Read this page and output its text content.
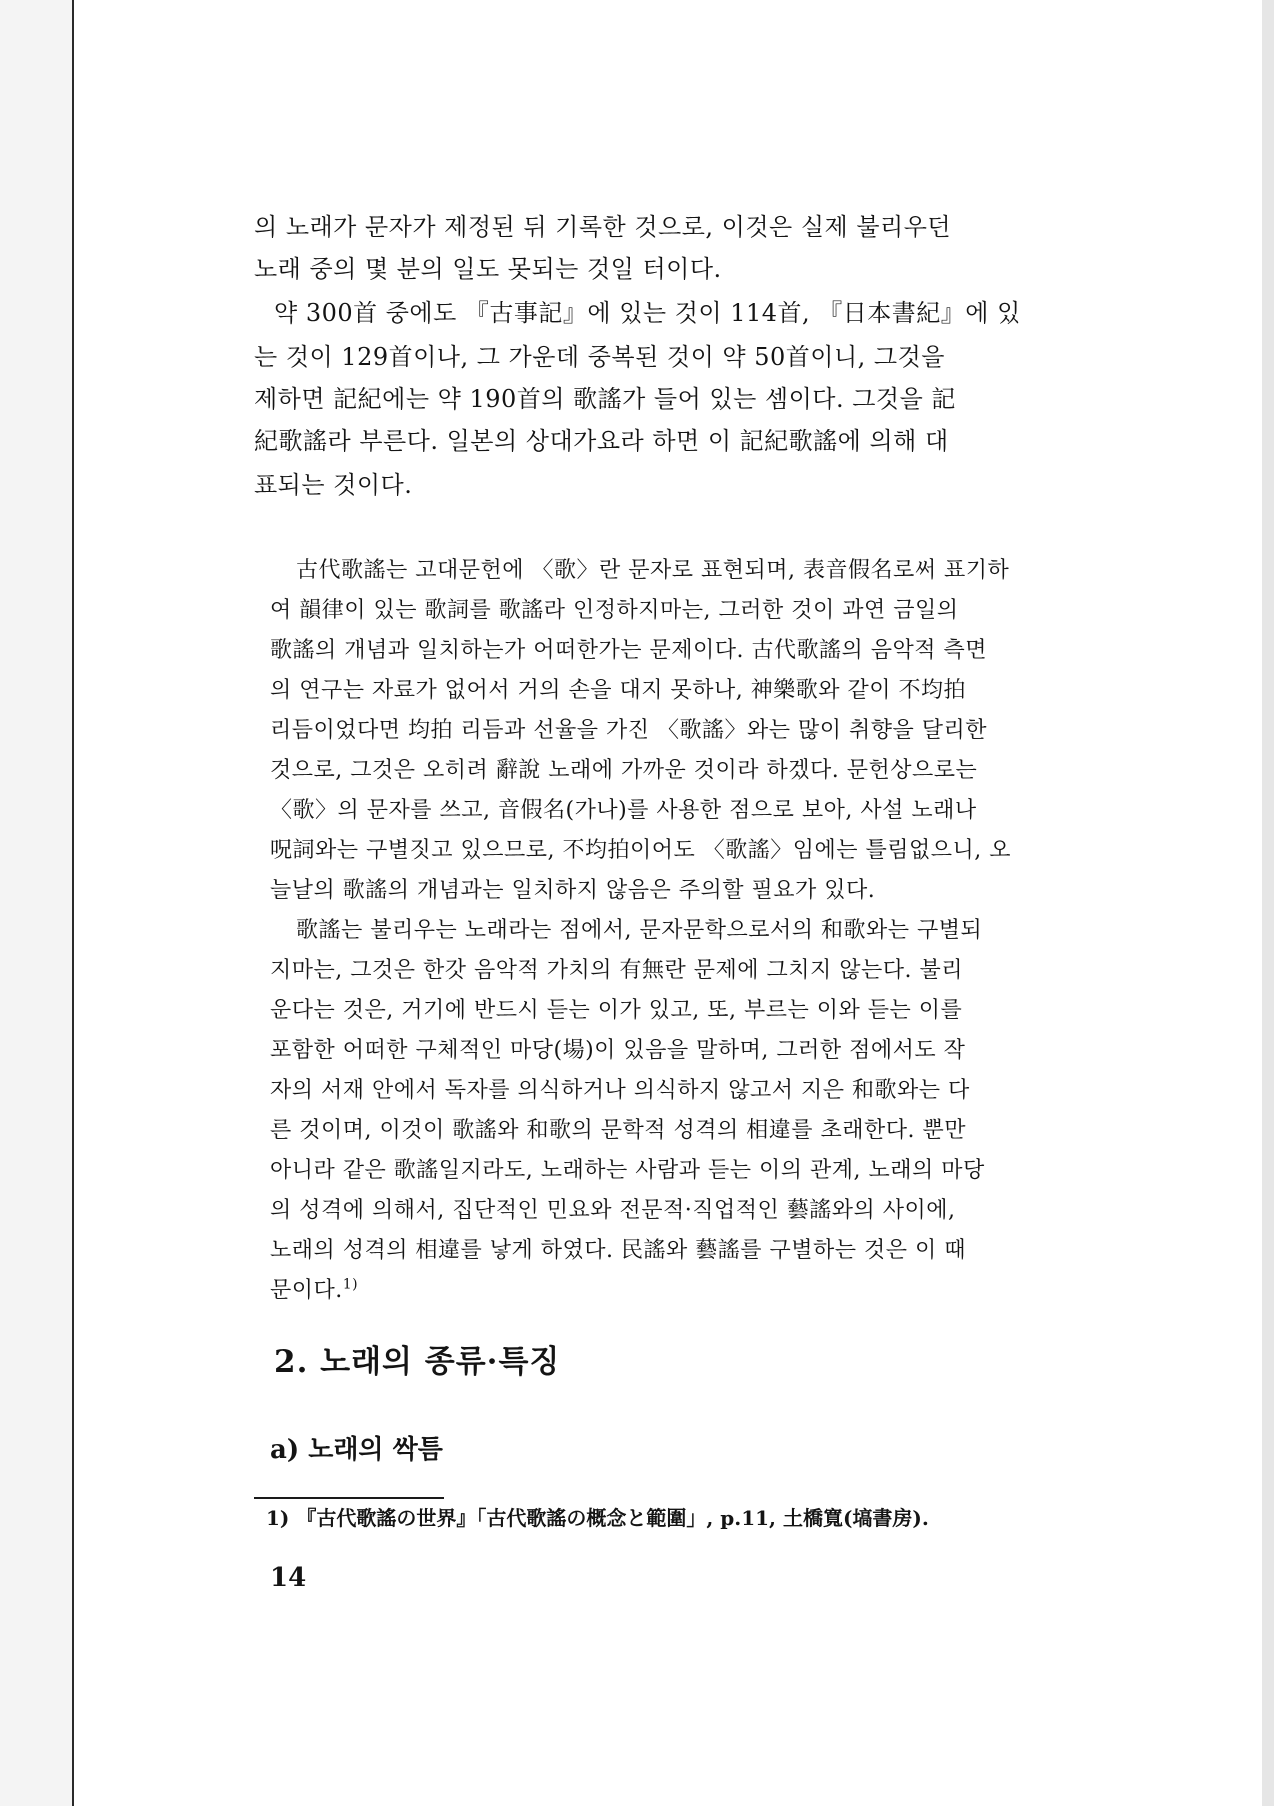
의 노래가 문자가 제정된 뒤 기록한 것으로, 이것은 실제 불리우던

노래 중의 몇 분의 일도 못되는 것일 터이다.

약 300首 중에도 『古事記』에 있는 것이 114首, 『日本書紀』에 있

는 것이 129首이나, 그 가운데 중복된 것이 약 50首이니, 그것을

제하면 記紀에는 약 190首의 歌謠가 들어 있는 셈이다. 그것을 記

紀歌謠라 부른다. 일본의 상대가요라 하면 이 記紀歌謠에 의해 대

표되는 것이다.

古代歌謠는 고대문헌에 〈歌〉란 문자로 표현되며, 表音假名로써 표기하

여 韻律이 있는 歌詞를 歌謠라 인정하지마는, 그러한 것이 과연 금일의

歌謠의 개념과 일치하는가 어떠한가는 문제이다. 古代歌謠의 음악적 측면

의 연구는 자료가 없어서 거의 손을 대지 못하나, 神樂歌와 같이 不均拍

리듬이었다면 均拍 리듬과 선율을 가진 〈歌謠〉와는 많이 취향을 달리한

것으로, 그것은 오히려 辭說 노래에 가까운 것이라 하겠다. 문헌상으로는

〈歌〉의 문자를 쓰고, 音假名(가나)를 사용한 점으로 보아, 사설 노래나

呪詞와는 구별짓고 있으므로, 不均拍이어도 〈歌謠〉임에는 틀림없으니, 오

늘날의 歌謠의 개념과는 일치하지 않음은 주의할 필요가 있다.

歌謠는 불리우는 노래라는 점에서, 문자문학으로서의 和歌와는 구별되

지마는, 그것은 한갓 음악적 가치의 有無란 문제에 그치지 않는다. 불리

운다는 것은, 거기에 반드시 듣는 이가 있고, 또, 부르는 이와 듣는 이를

포함한 어떠한 구체적인 마당(場)이 있음을 말하며, 그러한 점에서도 작

자의 서재 안에서 독자를 의식하거나 의식하지 않고서 지은 和歌와는 다

른 것이며, 이것이 歌謠와 和歌의 문학적 성격의 相違를 초래한다. 뿐만

아니라 같은 歌謠일지라도, 노래하는 사람과 듣는 이의 관계, 노래의 마당

의 성격에 의해서, 집단적인 민요와 전문적·직업적인 藝謠와의 사이에,

노래의 성격의 相違를 낳게 하였다. 民謠와 藝謠를 구별하는 것은 이 때

문이다.$^{1)}$

2. 노래의 종류·특징
a) 노래의 싹틈

1) 『古代歌謠の世界』「古代歌謠の概念と範圍」, p.11, 土橋寬(塙書房).

14
